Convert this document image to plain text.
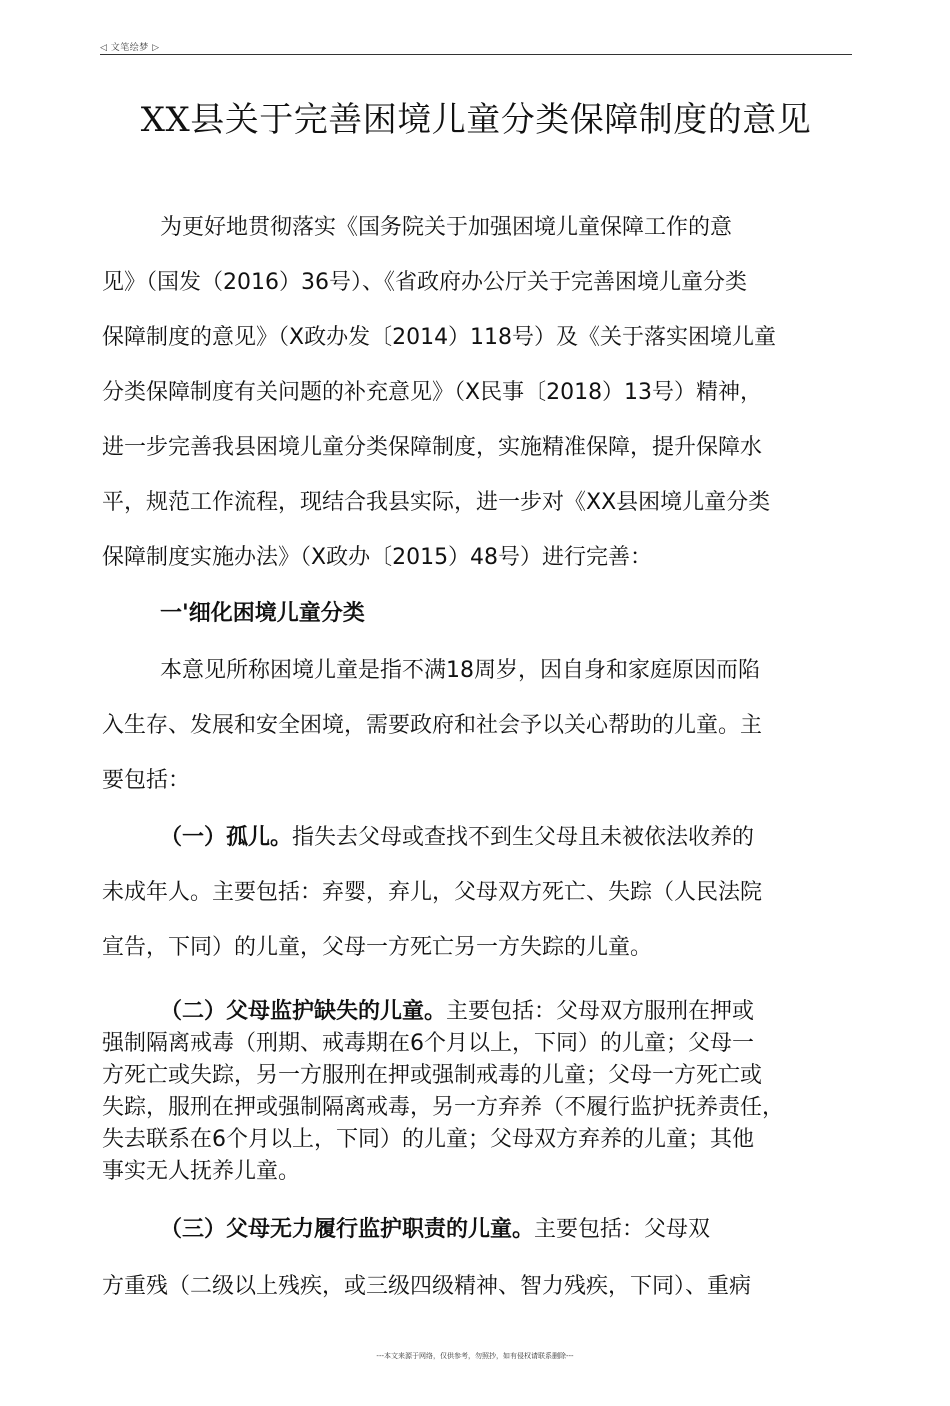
◁ 文笔绘梦 ▷
XX县关于完善困境儿童分类保障制度的意见
为更好地贯彻落实《国务院关于加强困境儿童保障工作的意
见》（国发（2016）36号）、《省政府办公厅关于完善困境儿童分类
保障制度的意见》（X政办发〔2014）118号）及《关于落实困境儿童
分类保障制度有关问题的补充意见》（X民事〔2018）13号）精神，
进一步完善我县困境儿童分类保障制度，实施精准保障，提升保障水
平，规范工作流程，现结合我县实际，进一步对《XX县困境儿童分类
保障制度实施办法》（X政办〔2015）48号）进行完善：
一'细化困境儿童分类
本意见所称困境儿童是指不满18周岁，因自身和家庭原因而陷
入生存、发展和安全困境，需要政府和社会予以关心帮助的儿童。主
要包括：
（一）孤儿。指失去父母或查找不到生父母且未被依法收养的
未成年人。主要包括：弃婴，弃儿，父母双方死亡、失踪（人民法院
宣告，下同）的儿童，父母一方死亡另一方失踪的儿童。
（二）父母监护缺失的儿童。主要包括：父母双方服刑在押或
强制隔离戒毒（刑期、戒毒期在6个月以上，下同）的儿童；父母一
方死亡或失踪，另一方服刑在押或强制戒毒的儿童；父母一方死亡或
失踪，服刑在押或强制隔离戒毒，另一方弃养（不履行监护抚养责任，
失去联系在6个月以上，下同）的儿童；父母双方弃养的儿童；其他
事实无人抚养儿童。
（三）父母无力履行监护职责的儿童。主要包括：父母双
方重残（二级以上残疾，或三级四级精神、智力残疾，下同）、重病
---本文来源于网络，仅供参考，勿照抄，如有侵权请联系删除---
